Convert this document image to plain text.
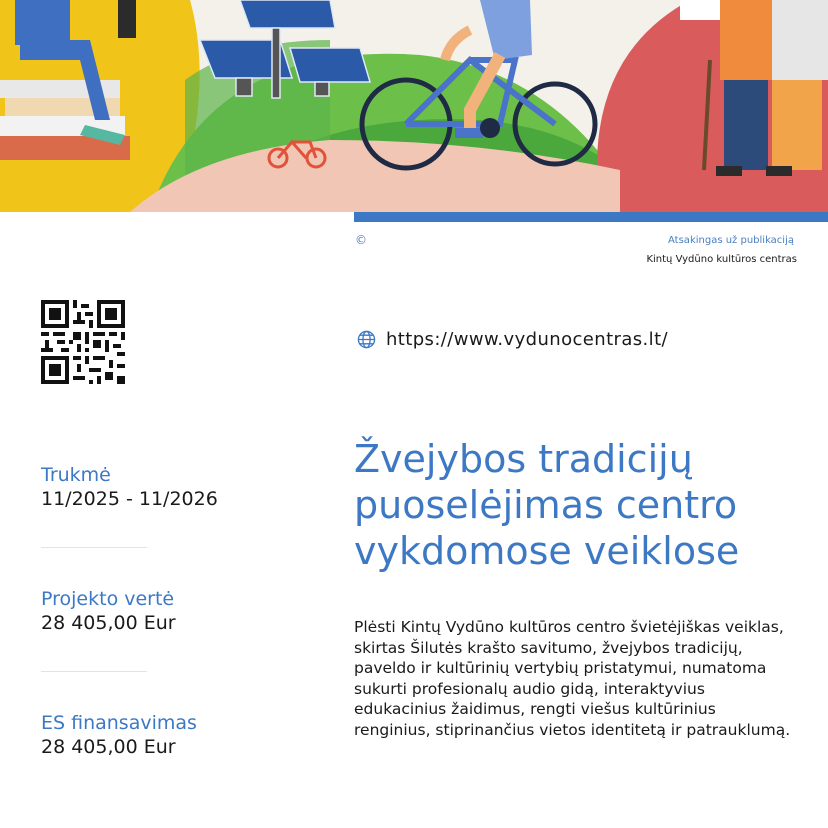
©	Atsakingas už publikaciją
Kintų Vydūno kultūros centras
https://www.vydunocentras.lt/
Trukmė
11/2025 - 11/2026
Projekto vertė
28 405,00 Eur
ES finansavimas
28 405,00 Eur
Žvejybos tradicijų puoselėjimas centro vykdomose veiklose

Plėsti Kintų Vydūno kultūros centro švietėjiškas veiklas, skirtas Šilutės krašto savitumo, žvejybos tradicijų, paveldo ir kultūrinių vertybių pristatymui, numatoma sukurti profesionalų audio gidą, interaktyvius edukacinius žaidimus, rengti viešus kultūrinius renginius, stiprinančius vietos identitetą ir patrauklumą.
